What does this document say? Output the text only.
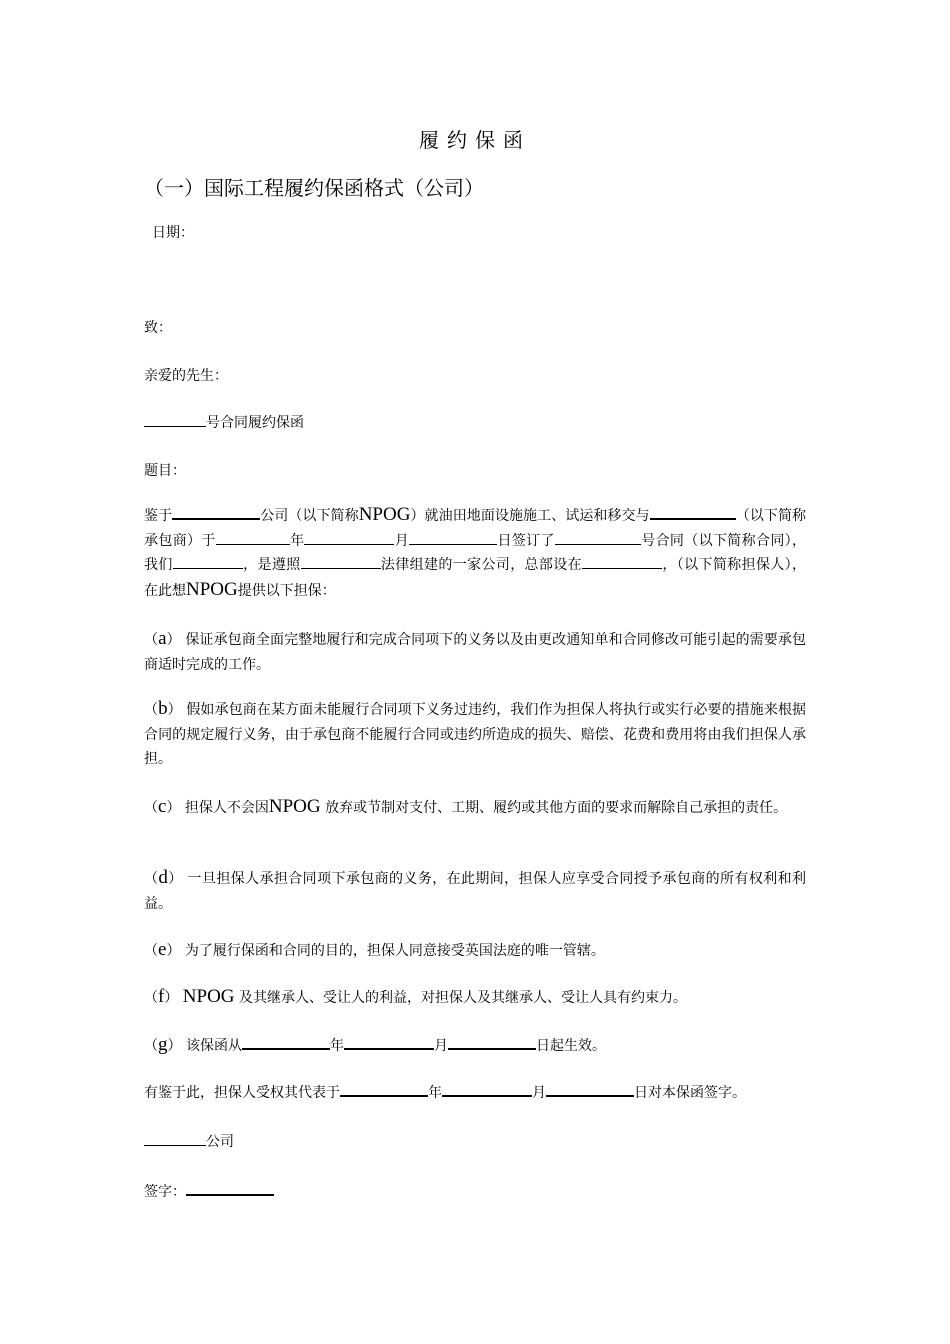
履约保函
（一）国际工程履约保函格式（公司）
日期：
致：
亲爱的先生：
号合同履约保函
题目：
鉴于	公司（以下简称NPOG）就油田地面设施施工、试运和移交与	（以下简称承包商）于	年	月	日签订了	号合同（以下简称合同），我们	，是遵照	法律组建的一家公司，总部设在	，（以下简称担保人），在此想NPOG提供以下担保：
（a） 保证承包商全面完整地履行和完成合同项下的义务以及由更改通知单和合同修改可能引起的需要承包商适时完成的工作。
（b） 假如承包商在某方面未能履行合同项下义务过违约，我们作为担保人将执行或实行必要的措施来根据合同的规定履行义务，由于承包商不能履行合同或违约所造成的损失、赔偿、花费和费用将由我们担保人承担。
（c） 担保人不会因NPOG 放弃或节制对支付、工期、履约或其他方面的要求而解除自己承担的责任。
（d） 一旦担保人承担合同项下承包商的义务，在此期间，担保人应享受合同授予承包商的所有权利和利益。
（e） 为了履行保函和合同的目的，担保人同意接受英国法庭的唯一管辖。
（f） NPOG 及其继承人、受让人的利益，对担保人及其继承人、受让人具有约束力。
（g） 该保函从	年	月	日起生效。
有鉴于此，担保人受权其代表于	年	月	日对本保函签字。
公司
签字：
